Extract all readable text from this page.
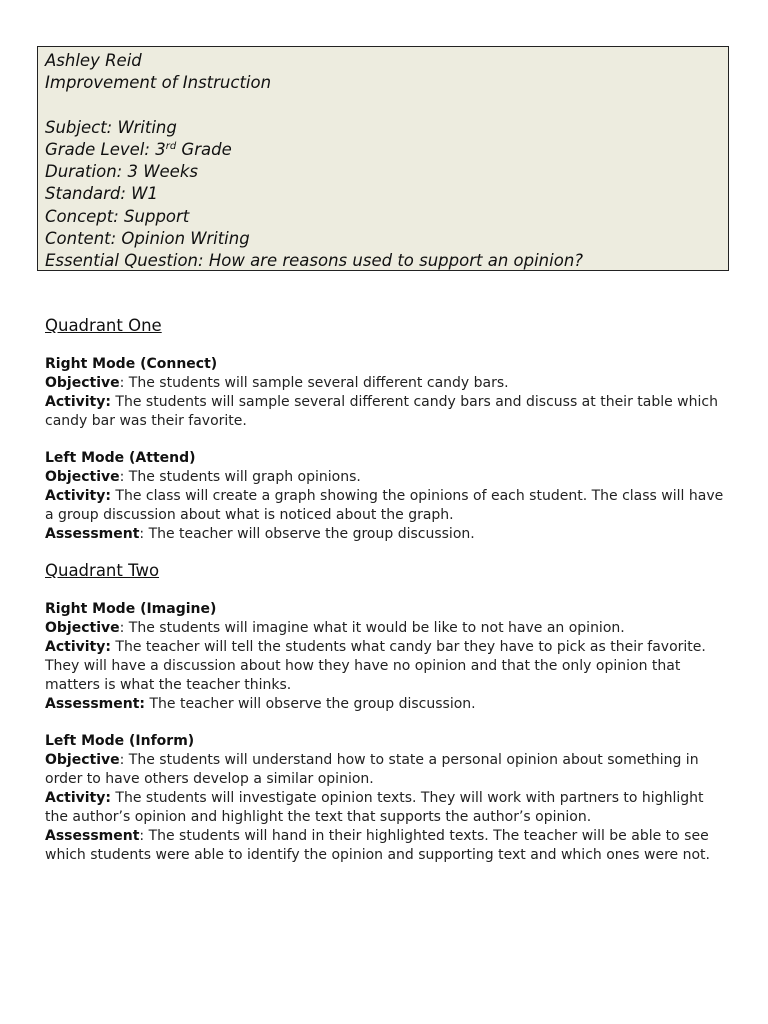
Ashley Reid
Improvement of Instruction
Subject: Writing
Grade Level: 3rd Grade
Duration: 3 Weeks
Standard: W1
Concept: Support
Content: Opinion Writing
Essential Question: How are reasons used to support an opinion?
Quadrant One
Right Mode (Connect)

Objective: The students will sample several different candy bars.

Activity: The students will sample several different candy bars and discuss at their table which candy bar was their favorite.

Left Mode (Attend)

Objective: The students will graph opinions.

Activity: The class will create a graph showing the opinions of each student. The class will have a group discussion about what is noticed about the graph.

Assessment: The teacher will observe the group discussion.

Quadrant Two
Right Mode (Imagine)

Objective: The students will imagine what it would be like to not have an opinion.

Activity: The teacher will tell the students what candy bar they have to pick as their favorite. They will have a discussion about how they have no opinion and that the only opinion that matters is what the teacher thinks.

Assessment: The teacher will observe the group discussion.

Left Mode (Inform)

Objective: The students will understand how to state a personal opinion about something in order to have others develop a similar opinion.

Activity: The students will investigate opinion texts. They will work with partners to highlight the author’s opinion and highlight the text that supports the author’s opinion.

Assessment: The students will hand in their highlighted texts. The teacher will be able to see which students were able to identify the opinion and supporting text and which ones were not.
